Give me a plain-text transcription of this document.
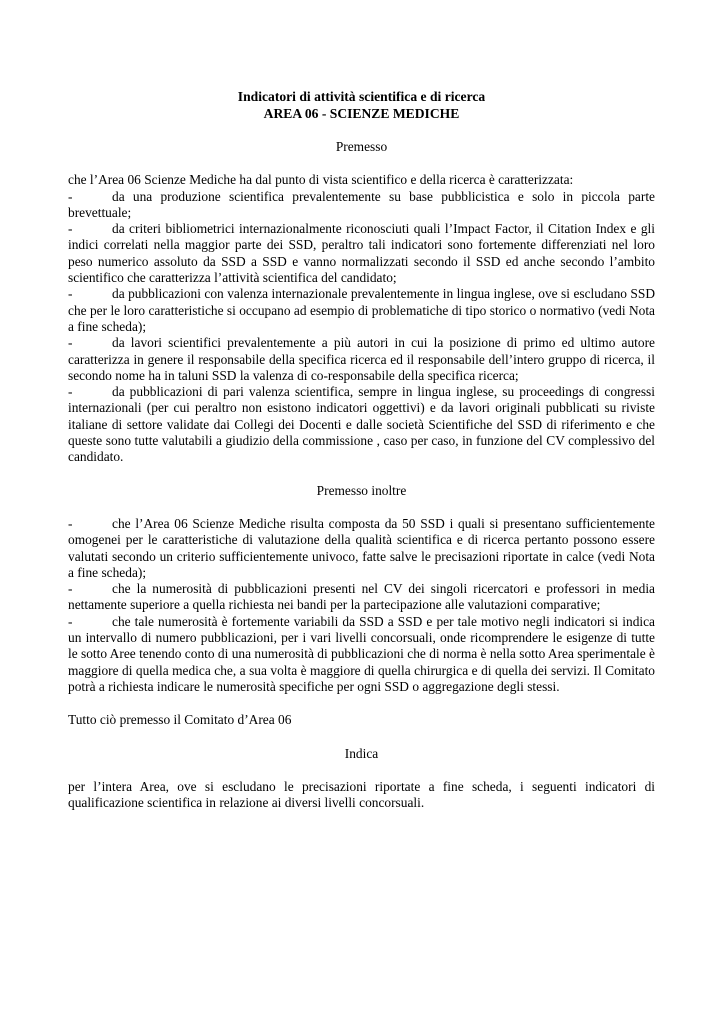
Indicatori di attività scientifica e di ricerca
AREA 06 - SCIENZE MEDICHE
Premesso
che l’Area 06 Scienze Mediche ha dal punto di vista scientifico e della ricerca è caratterizzata:
-	da una produzione scientifica prevalentemente su base pubblicistica e solo in piccola parte brevettuale;
-	da criteri bibliometrici internazionalmente riconosciuti quali l’Impact Factor, il Citation Index e gli indici correlati nella maggior parte dei SSD, peraltro tali indicatori sono fortemente differenziati nel loro peso numerico assoluto da SSD a SSD e vanno normalizzati secondo il SSD ed anche secondo l’ambito scientifico che caratterizza l’attività scientifica del candidato;
-	da pubblicazioni con valenza internazionale prevalentemente in lingua inglese, ove si escludano SSD che per le loro caratteristiche si occupano ad esempio di problematiche di tipo storico o normativo (vedi Nota a fine scheda);
-	da lavori scientifici prevalentemente a più autori in cui la posizione di primo ed ultimo autore caratterizza in genere il responsabile della specifica ricerca ed il responsabile dell’intero gruppo di ricerca, il secondo nome ha in taluni SSD la valenza di co-responsabile della specifica ricerca;
-	da pubblicazioni di pari valenza scientifica, sempre in lingua inglese, su proceedings di congressi internazionali (per cui peraltro non esistono indicatori oggettivi) e da lavori originali pubblicati su riviste italiane di settore validate dai Collegi dei Docenti e dalle società Scientifiche del SSD di riferimento e che queste sono tutte valutabili a giudizio della commissione , caso per caso, in funzione del CV complessivo del candidato.
Premesso inoltre
-	che l’Area 06 Scienze Mediche risulta composta da 50 SSD i quali si presentano sufficientemente omogenei per le caratteristiche di valutazione della qualità scientifica e di ricerca pertanto possono essere valutati secondo un criterio sufficientemente univoco, fatte salve le precisazioni riportate in calce (vedi Nota a fine scheda);
-	che la numerosità di pubblicazioni presenti nel CV dei singoli ricercatori e professori in media nettamente superiore a quella richiesta nei bandi per la partecipazione alle valutazioni comparative;
-	che tale numerosità è fortemente variabili da SSD a SSD e per tale motivo negli indicatori si indica un intervallo di numero pubblicazioni, per i vari livelli concorsuali, onde ricomprendere le esigenze di tutte le sotto Aree tenendo conto di una numerosità di pubblicazioni che di norma è nella sotto Area sperimentale è maggiore di quella medica che, a sua volta è maggiore di quella chirurgica e di quella dei servizi. Il Comitato potrà a richiesta indicare le numerosità specifiche per ogni SSD o aggregazione degli stessi.
Tutto ciò premesso il Comitato d’Area 06
Indica
per l’intera Area, ove si escludano le precisazioni riportate a fine scheda, i seguenti indicatori di qualificazione scientifica in relazione ai diversi livelli concorsuali.
